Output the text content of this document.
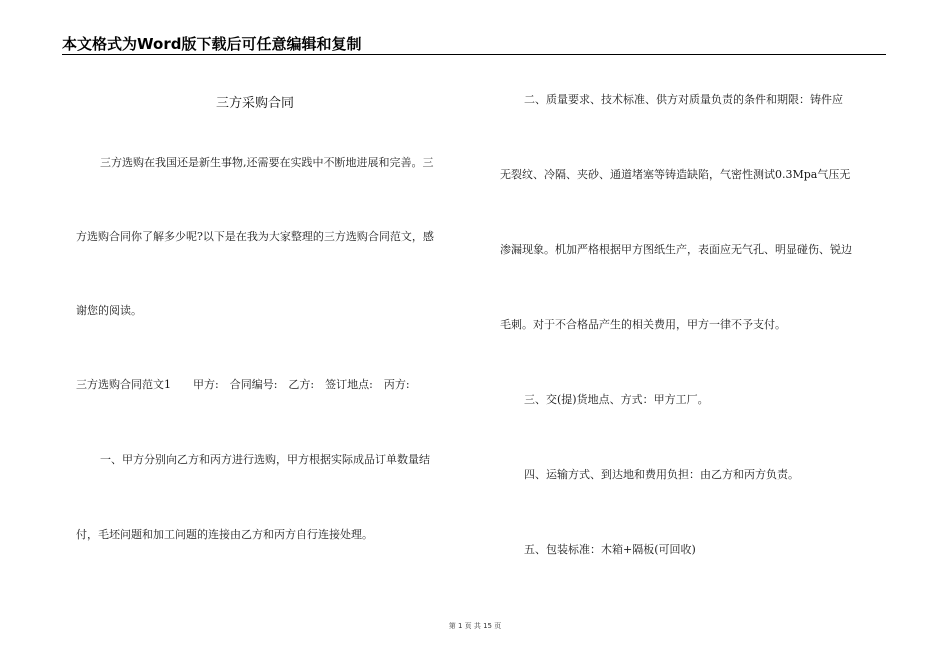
本文格式为Word版下载后可任意编辑和复制
三方采购合同
三方选购在我国还是新生事物,还需要在实践中不断地进展和完善。三
方选购合同你了解多少呢?以下是在我为大家整理的三方选购合同范文，感
谢您的阅读。
三方选购合同范文1　　甲方:　合同编号:　乙方:　签订地点:　丙方:
一、甲方分别向乙方和丙方进行选购，甲方根据实际成品订单数量结
付，毛坯问题和加工问题的连接由乙方和丙方自行连接处理。
二、质量要求、技术标准、供方对质量负责的条件和期限：铸件应
无裂纹、冷隔、夹砂、通道堵塞等铸造缺陷，气密性测试0.3Mpa气压无
渗漏现象。机加严格根据甲方图纸生产，表面应无气孔、明显碰伤、锐边
毛刺。对于不合格品产生的相关费用，甲方一律不予支付。
三、交(提)货地点、方式：甲方工厂。
四、运输方式、到达地和费用负担：由乙方和丙方负责。
五、包装标准：木箱+隔板(可回收)
第 1 页 共 15 页
